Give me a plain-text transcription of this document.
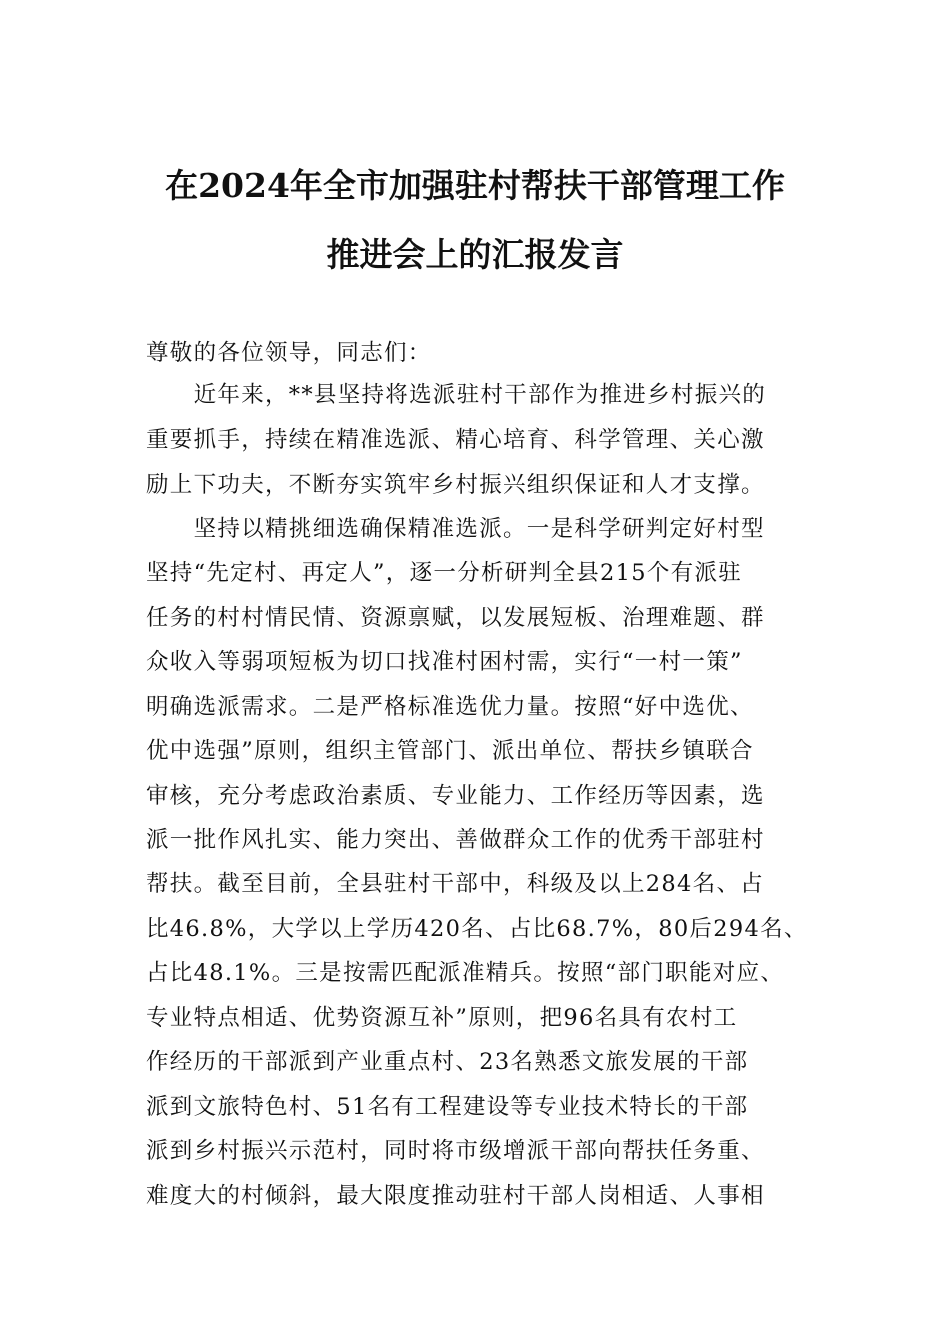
在2024年全市加强驻村帮扶干部管理工作
推进会上的汇报发言
尊敬的各位领导，同志们：
　　近年来，**县坚持将选派驻村干部作为推进乡村振兴的
重要抓手，持续在精准选派、精心培育、科学管理、关心激
励上下功夫，不断夯实筑牢乡村振兴组织保证和人才支撑。
　　坚持以精挑细选确保精准选派。一是科学研判定好村型
坚持“先定村、再定人”，逐一分析研判全县215个有派驻
任务的村村情民情、资源禀赋，以发展短板、治理难题、群
众收入等弱项短板为切口找准村困村需，实行“一村一策”
明确选派需求。二是严格标准选优力量。按照“好中选优、
优中选强”原则，组织主管部门、派出单位、帮扶乡镇联合
审核，充分考虑政治素质、专业能力、工作经历等因素，选
派一批作风扎实、能力突出、善做群众工作的优秀干部驻村
帮扶。截至目前，全县驻村干部中，科级及以上284名、占
比46.8%，大学以上学历420名、占比68.7%，80后294名、
占比48.1%。三是按需匹配派准精兵。按照“部门职能对应、
专业特点相适、优势资源互补”原则，把96名具有农村工
作经历的干部派到产业重点村、23名熟悉文旅发展的干部
派到文旅特色村、51名有工程建设等专业技术特长的干部
派到乡村振兴示范村，同时将市级增派干部向帮扶任务重、
难度大的村倾斜，最大限度推动驻村干部人岗相适、人事相
